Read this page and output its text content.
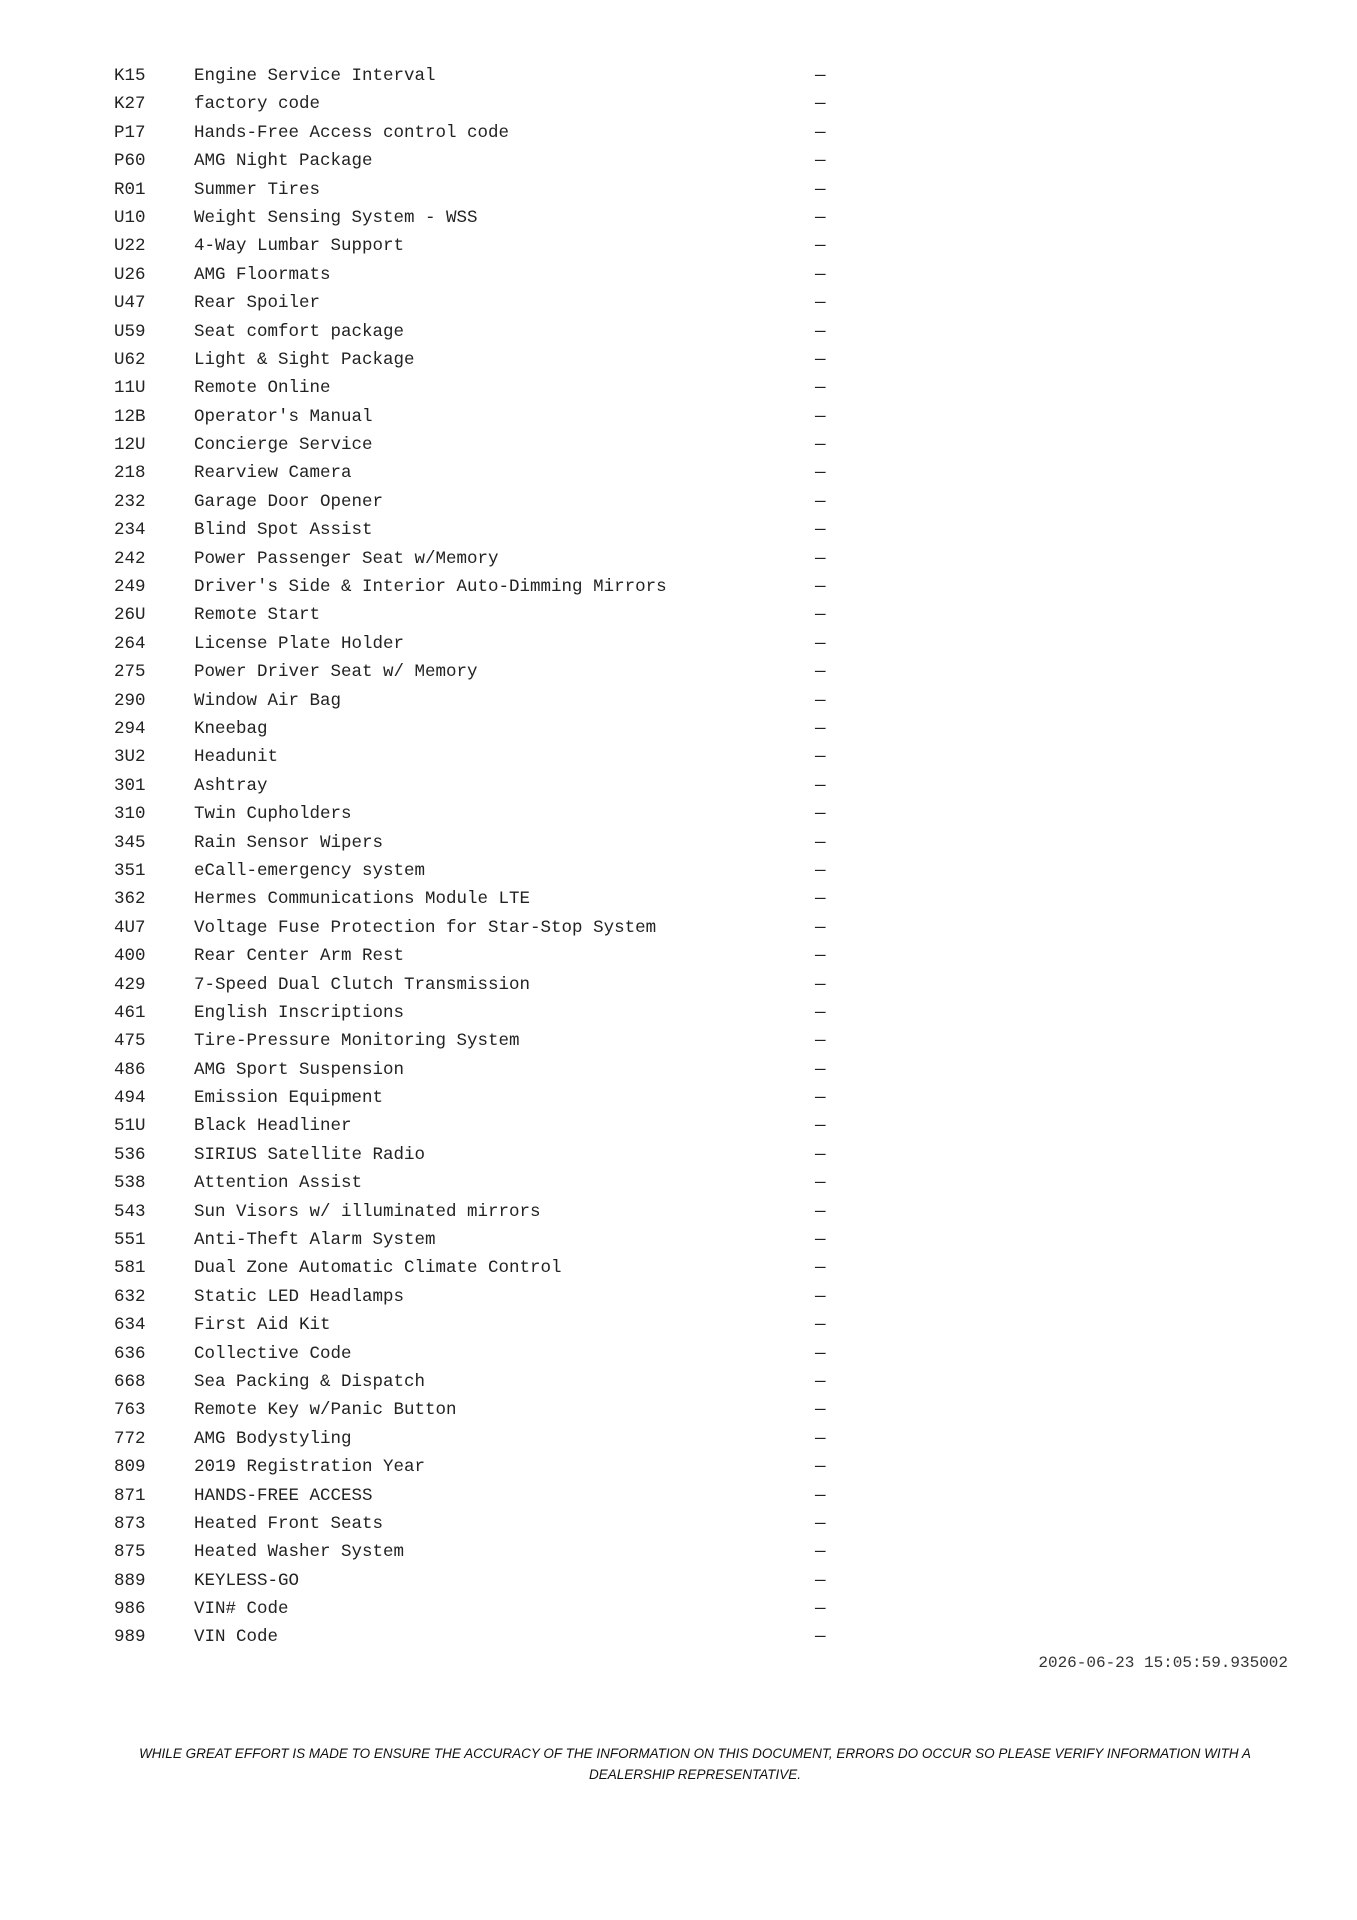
K15	Engine Service Interval	—
K27	factory code	—
P17	Hands-Free Access control code	—
P60	AMG Night Package	—
R01	Summer Tires	—
U10	Weight Sensing System - WSS	—
U22	4-Way Lumbar Support	—
U26	AMG Floormats	—
U47	Rear Spoiler	—
U59	Seat comfort package	—
U62	Light & Sight Package	—
11U	Remote Online	—
12B	Operator's Manual	—
12U	Concierge Service	—
218	Rearview Camera	—
232	Garage Door Opener	—
234	Blind Spot Assist	—
242	Power Passenger Seat w/Memory	—
249	Driver's Side & Interior Auto-Dimming Mirrors	—
26U	Remote Start	—
264	License Plate Holder	—
275	Power Driver Seat w/ Memory	—
290	Window Air Bag	—
294	Kneebag	—
3U2	Headunit	—
301	Ashtray	—
310	Twin Cupholders	—
345	Rain Sensor Wipers	—
351	eCall-emergency system	—
362	Hermes Communications Module LTE	—
4U7	Voltage Fuse Protection for Star-Stop System	—
400	Rear Center Arm Rest	—
429	7-Speed Dual Clutch Transmission	—
461	English Inscriptions	—
475	Tire-Pressure Monitoring System	—
486	AMG Sport Suspension	—
494	Emission Equipment	—
51U	Black Headliner	—
536	SIRIUS Satellite Radio	—
538	Attention Assist	—
543	Sun Visors w/ illuminated mirrors	—
551	Anti-Theft Alarm System	—
581	Dual Zone Automatic Climate Control	—
632	Static LED Headlamps	—
634	First Aid Kit	—
636	Collective Code	—
668	Sea Packing & Dispatch	—
763	Remote Key w/Panic Button	—
772	AMG Bodystyling	—
809	2019 Registration Year	—
871	HANDS-FREE ACCESS	—
873	Heated Front Seats	—
875	Heated Washer System	—
889	KEYLESS-GO	—
986	VIN# Code	—
989	VIN Code	—
2026-06-23 15:05:59.935002
WHILE GREAT EFFORT IS MADE TO ENSURE THE ACCURACY OF THE INFORMATION ON THIS DOCUMENT, ERRORS DO OCCUR SO PLEASE VERIFY INFORMATION WITH A
DEALERSHIP REPRESENTATIVE.
